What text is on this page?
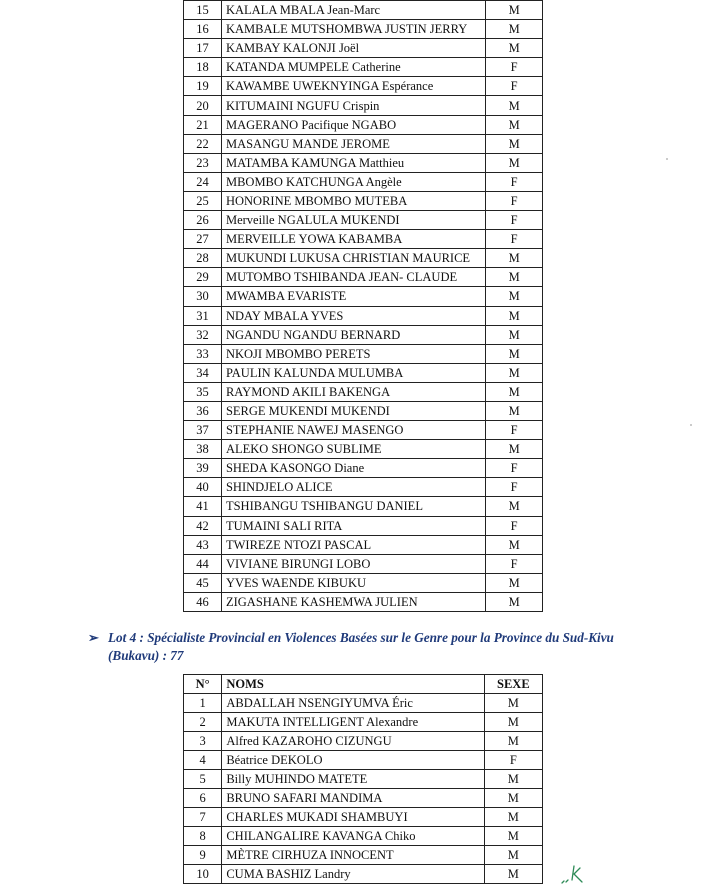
15	KALALA MBALA Jean-Marc	M
16	KAMBALE MUTSHOMBWA JUSTIN JERRY	M
17	KAMBAY KALONJI Joël	M
18	KATANDA MUMPELE Catherine	F
19	KAWAMBE UWEKNYINGA Espérance	F
20	KITUMAINI NGUFU Crispin	M
21	MAGERANO Pacifique NGABO	M
22	MASANGU MANDE JEROME	M
23	MATAMBA KAMUNGA Matthieu	M
24	MBOMBO KATCHUNGA Angèle	F
25	HONORINE MBOMBO MUTEBA	F
26	Merveille NGALULA MUKENDI	F
27	MERVEILLE YOWA KABAMBA	F
28	MUKUNDI LUKUSA CHRISTIAN MAURICE	M
29	MUTOMBO TSHIBANDA JEAN- CLAUDE	M
30	MWAMBA EVARISTE	M
31	NDAY MBALA YVES	M
32	NGANDU NGANDU BERNARD	M
33	NKOJI MBOMBO PERETS	M
34	PAULIN KALUNDA MULUMBA	M
35	RAYMOND AKILI BAKENGA	M
36	SERGE MUKENDI MUKENDI	M
37	STEPHANIE NAWEJ MASENGO	F
38	ALEKO SHONGO SUBLIME	M
39	SHEDA KASONGO Diane	F
40	SHINDJELO ALICE	F
41	TSHIBANGU TSHIBANGU DANIEL	M
42	TUMAINI SALI RITA	F
43	TWIREZE NTOZI PASCAL	M
44	VIVIANE BIRUNGI LOBO	F
45	YVES WAENDE KIBUKU	M
46	ZIGASHANE KASHEMWA JULIEN	M

➢ Lot 4 : Spécialiste Provincial en Violences Basées sur le Genre pour la Province du Sud-Kivu
(Bukavu) : 77

N°	NOMS	SEXE
1	ABDALLAH NSENGIYUMVA Éric	M
2	MAKUTA INTELLIGENT Alexandre	M
3	Alfred KAZAROHO CIZUNGU	M
4	Béatrice DEKOLO	F
5	Billy MUHINDO MATETE	M
6	BRUNO SAFARI MANDIMA	M
7	CHARLES MUKADI SHAMBUYI	M
8	CHILANGALIRE KAVANGA Chiko	M
9	MÈTRE CIRHUZA INNOCENT	M
10	CUMA BASHIZ Landry	M
